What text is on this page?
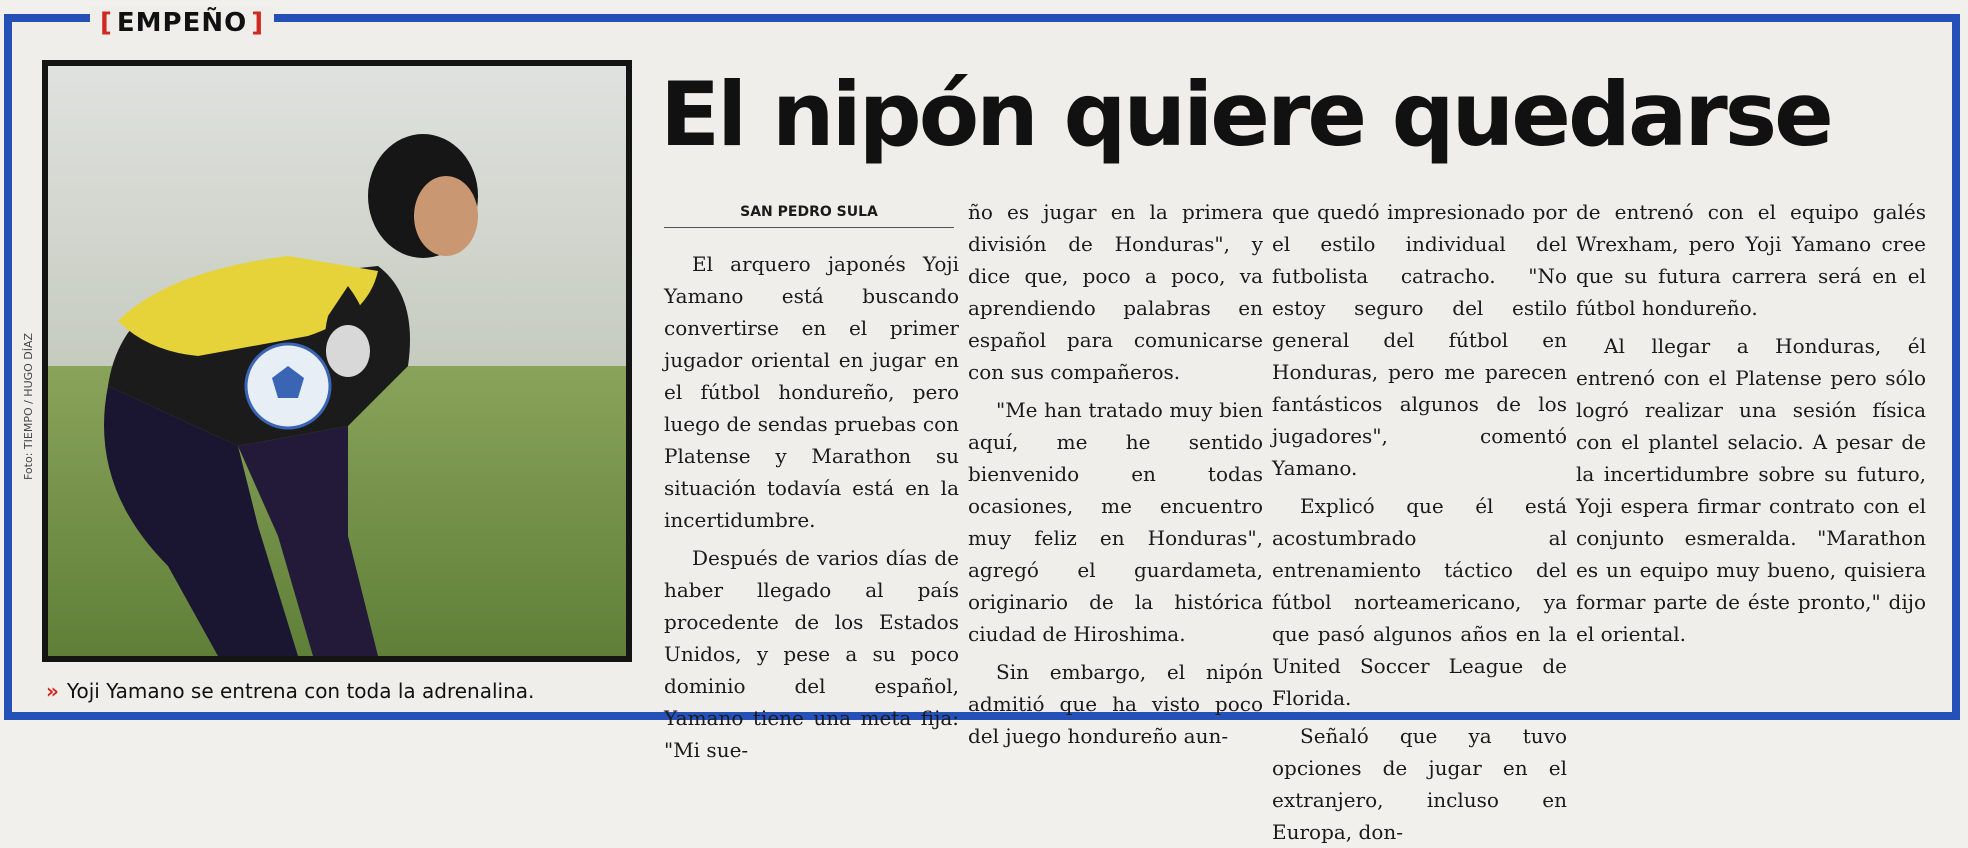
[ EMPEÑO ]
Foto: TIEMPO / HUGO DÍAZ
» Yoji Yamano se entrena con toda la adrenalina.
El nipón quiere quedarse
SAN PEDRO SULA

El arquero japonés Yoji Yamano está buscando convertirse en el primer jugador oriental en jugar en el fútbol hondureño, pero luego de sendas pruebas con Platense y Marathon su situación todavía está en la incertidumbre.

Después de varios días de haber llegado al país procedente de los Estados Unidos, y pese a su poco dominio del español, Yamano tiene una meta fija: "Mi sue-

ño es jugar en la primera división de Honduras", y dice que, poco a poco, va aprendiendo palabras en español para comunicarse con sus compañeros.

"Me han tratado muy bien aquí, me he sentido bienvenido en todas ocasiones, me encuentro muy feliz en Honduras", agregó el guardameta, originario de la histórica ciudad de Hiroshima.

Sin embargo, el nipón admitió que ha visto poco del juego hondureño aun-

que quedó impresionado por el estilo individual del futbolista catracho. "No estoy seguro del estilo general del fútbol en Honduras, pero me parecen fantásticos algunos de los jugadores", comentó Yamano.

Explicó que él está acostumbrado al entrenamiento táctico del fútbol norteamericano, ya que pasó algunos años en la United Soccer League de Florida.

Señaló que ya tuvo opciones de jugar en el extranjero, incluso en Europa, don-

de entrenó con el equipo galés Wrexham, pero Yoji Yamano cree que su futura carrera será en el fútbol hondureño.

Al llegar a Honduras, él entrenó con el Platense pero sólo logró realizar una sesión física con el plantel selacio. A pesar de la incertidumbre sobre su futuro, Yoji espera firmar contrato con el conjunto esmeralda. "Marathon es un equipo muy bueno, quisiera formar parte de éste pronto," dijo el oriental.
